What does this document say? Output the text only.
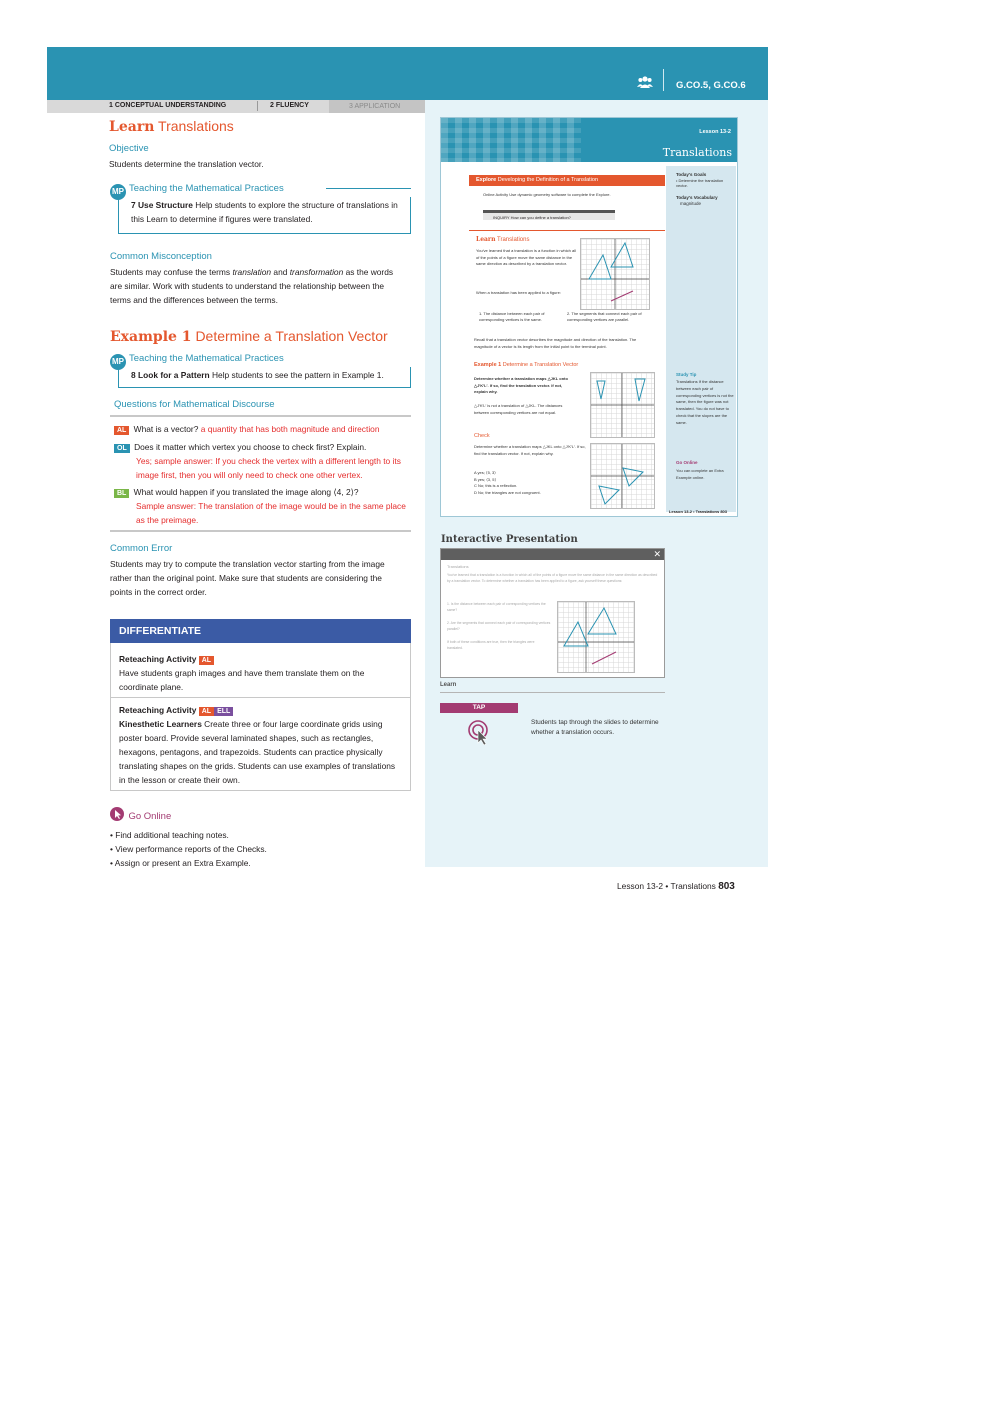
G.CO.5, G.CO.6
1 CONCEPTUAL UNDERSTANDING	2 FLUENCY	3 APPLICATION
Learn Translations
Objective
Students determine the translation vector.
MP Teaching the Mathematical Practices
7 Use Structure Help students to explore the structure of translations in this Learn to determine if figures were translated.
Common Misconception
Students may confuse the terms translation and transformation as the words are similar. Work with students to understand the relationship between the terms and the differences between the terms.
Example 1 Determine a Translation Vector
MP Teaching the Mathematical Practices
8 Look for a Pattern Help students to see the pattern in Example 1.
Questions for Mathematical Discourse
AL What is a vector? a quantity that has both magnitude and direction
OL Does it matter which vertex you choose to check first? Explain.
Yes; sample answer: If you check the vertex with a different length to its image first, then you will only need to check one other vertex.
BL What would happen if you translated the image along ⟨4, 2⟩?
Sample answer: The translation of the image would be in the same place as the preimage.
Common Error
Students may try to compute the translation vector starting from the image rather than the original point. Make sure that students are considering the points in the correct order.
DIFFERENTIATE
Reteaching Activity AL
Have students graph images and have them translate them on the coordinate plane.
Reteaching Activity AL ELL
Kinesthetic Learners Create three or four large coordinate grids using poster board. Provide several laminated shapes, such as rectangles, hexagons, pentagons, and trapezoids. Students can practice physically translating shapes on the grids. Students can use examples of translations in the lesson or create their own.
Go Online
• Find additional teaching notes.
• View performance reports of the Checks.
• Assign or present an Extra Example.
Lesson 13-2
Translations
Today's Goals
• Determine the translation vector.
Today's Vocabulary
magnitude
Study Tip
Translations If the distance between each pair of corresponding vertices is not the same, then the figure was not translated. You do not have to check that the slopes are the same.
Go Online
You can complete an Extra Example online.
Explore Developing the Definition of a Translation
Online Activity Use dynamic geometry software to complete the Explore.
INQUIRY How can you define a translation?
Learn Translations
You've learned that a translation is a function in which all of the points of a figure move the same distance in the same direction as described by a translation vector.
When a translation has been applied to a figure:
1. The distance between each pair of corresponding vertices is the same.
2. The segments that connect each pair of corresponding vertices are parallel.
Recall that a translation vector describes the magnitude and direction of the translation. The magnitude of a vector is its length from the initial point to the terminal point.
Example 1 Determine a Translation Vector
Determine whether a translation maps △JKL onto △J′K′L′. If so, find the translation vector. If not, explain why.
△J′K′L′ is not a translation of △JKL. The distances between corresponding vertices are not equal.
Check
Determine whether a translation maps △JKL onto △J′K′L′. If so, find the translation vector. If not, explain why.
A yes; ⟨5, 3⟩
B yes; ⟨3, 5⟩
C No; this is a reflection.
D No; the triangles are not congruent.
Lesson 13-2 • Translations 803
Interactive Presentation
✕
Translations
You've learned that a translation is a function in which all of the points of a figure move the same distance in the same direction as described by a translation vector. To determine whether a translation has been applied to a figure, ask yourself these questions:
1. Is the distance between each pair of corresponding vertices the same?
2. Are the segments that connect each pair of corresponding vertices parallel?
If both of these conditions are true, then the triangles were translated.
Learn
TAP
Students tap through the slides to determine whether a translation occurs.
Lesson 13-2 • Translations 803
